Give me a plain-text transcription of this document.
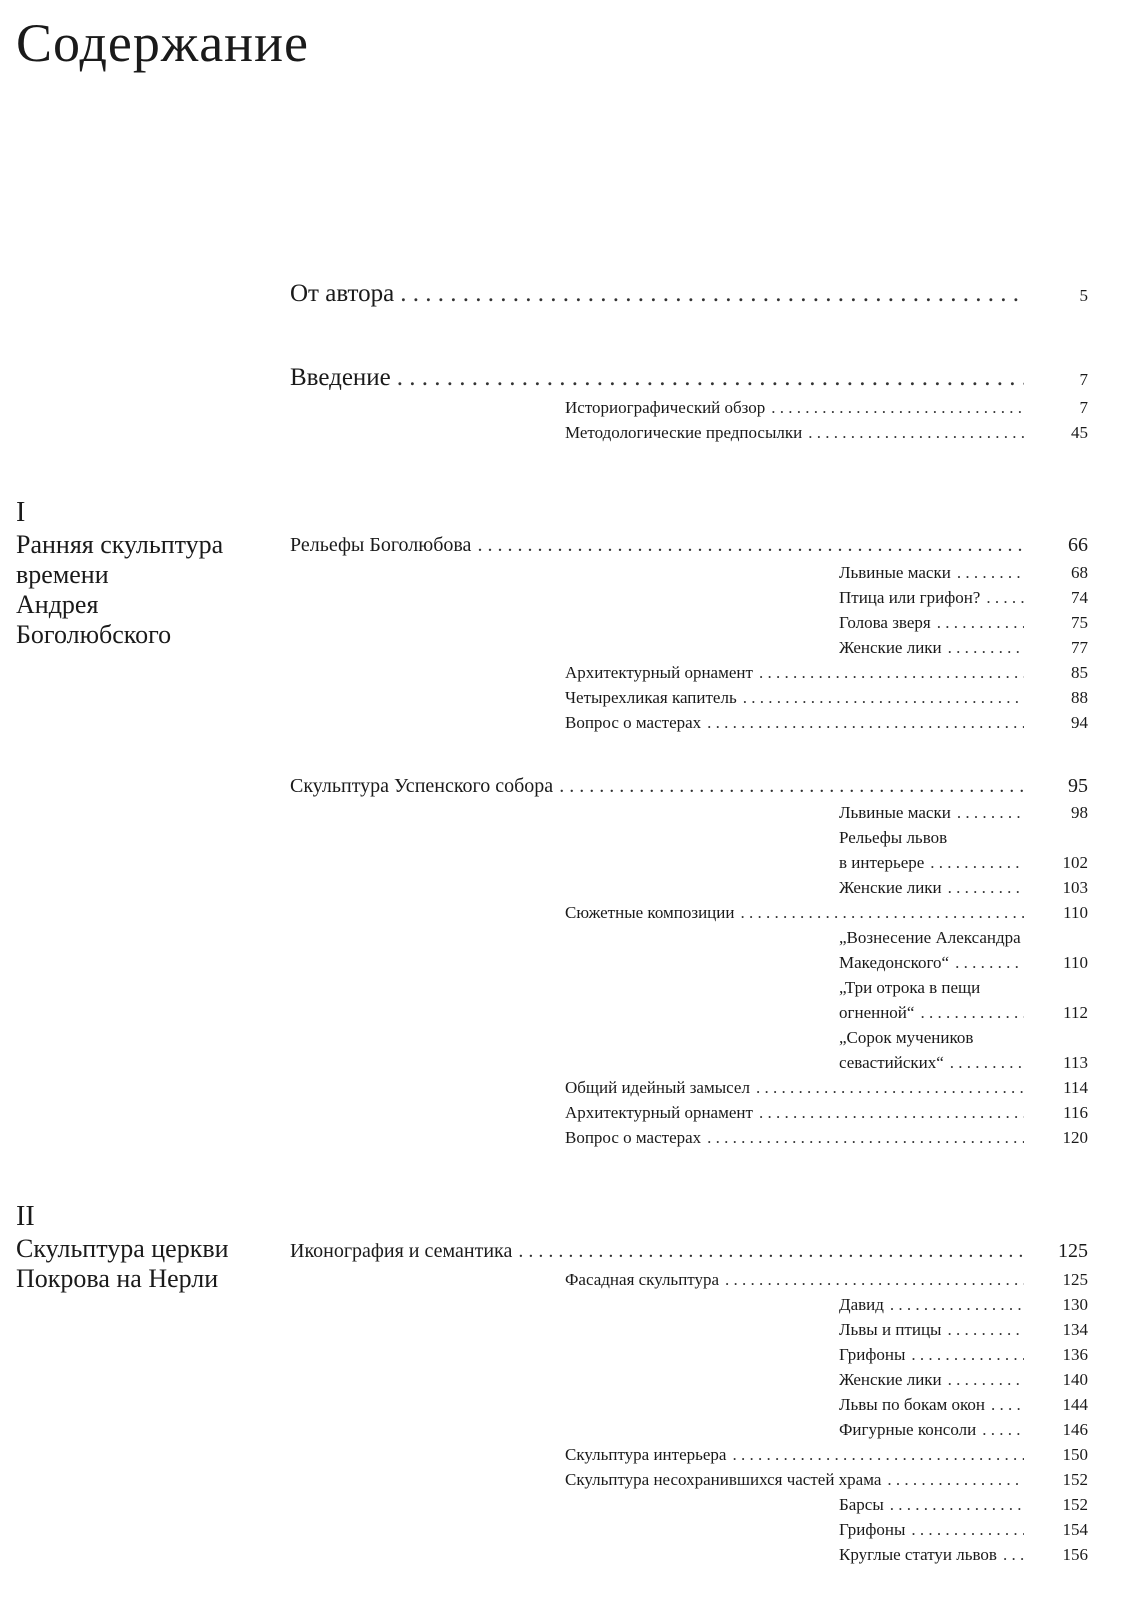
Содержание
I
Ранняя скульптура
времени
Андрея
Боголюбского
II
Скульптура церкви
Покрова на Нерли
От автора . . .	5
Введение . . .	7
Историографический обзор . . .	7
Методологические предпосылки . . .	45
Рельефы Боголюбова . . .	66
Львиные маски . . .	68
Птица или грифон? . . .	74
Голова зверя . . .	75
Женские лики . . .	77
Архитектурный орнамент . . .	85
Четырехликая капитель . . .	88
Вопрос о мастерах . . .	94
Скульптура Успенского собора . . .	95
Львиные маски . . .	98
Рельефы львов
в интерьере . . .	102
Женские лики . . .	103
Сюжетные композиции . . .	110
„Вознесение Александра
Македонского“ . . .	110
„Три отрока в пещи
огненной“ . . .	112
„Сорок мучеников
севастийских“ . . .	113
Общий идейный замысел . . .	114
Архитектурный орнамент . . .	116
Вопрос о мастерах . . .	120
Иконография и семантика . . .	125
Фасадная скульптура . . .	125
Давид . . .	130
Львы и птицы . . .	134
Грифоны . . .	136
Женские лики . . .	140
Львы по бокам окон . . .	144
Фигурные консоли . . .	146
Скульптура интерьера . . .	150
Скульптура несохранившихся частей храма . . .	152
Барсы . . .	152
Грифоны . . .	154
Круглые статуи львов . . .	156
